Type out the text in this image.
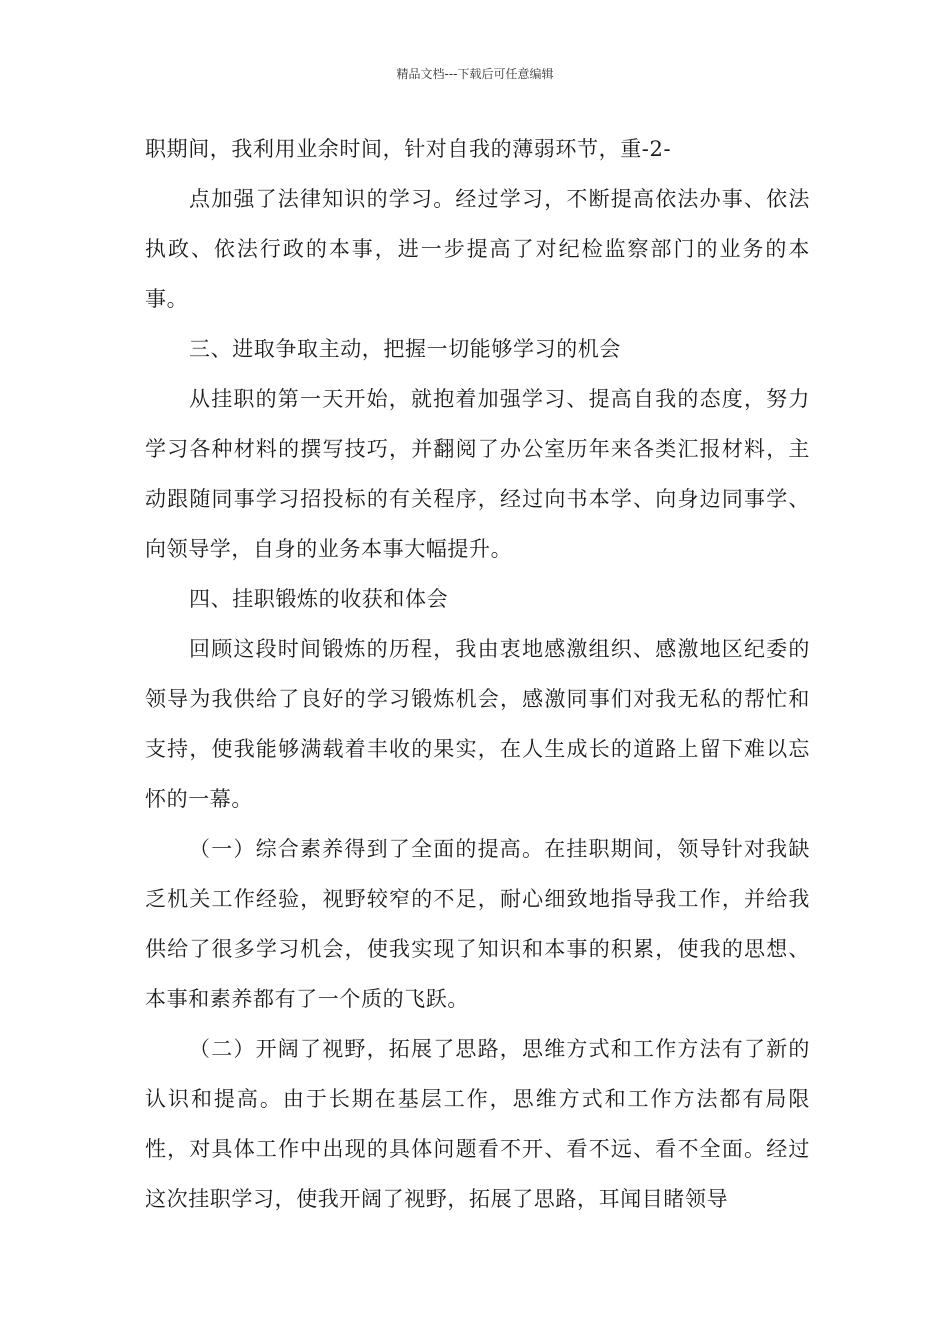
精品文档---下载后可任意编辑

职期间，我利用业余时间，针对自我的薄弱环节，重-2-

点加强了法律知识的学习。经过学习，不断提高依法办事、依法执政、依法行政的本事，进一步提高了对纪检监察部门的业务的本事。

三、进取争取主动，把握一切能够学习的机会

从挂职的第一天开始，就抱着加强学习、提高自我的态度，努力学习各种材料的撰写技巧，并翻阅了办公室历年来各类汇报材料，主动跟随同事学习招投标的有关程序，经过向书本学、向身边同事学、向领导学，自身的业务本事大幅提升。

四、挂职锻炼的收获和体会

回顾这段时间锻炼的历程，我由衷地感激组织、感激地区纪委的领导为我供给了良好的学习锻炼机会，感激同事们对我无私的帮忙和支持，使我能够满载着丰收的果实，在人生成长的道路上留下难以忘怀的一幕。

（一）综合素养得到了全面的提高。在挂职期间，领导针对我缺乏机关工作经验，视野较窄的不足，耐心细致地指导我工作，并给我供给了很多学习机会，使我实现了知识和本事的积累，使我的思想、本事和素养都有了一个质的飞跃。

（二）开阔了视野，拓展了思路，思维方式和工作方法有了新的认识和提高。由于长期在基层工作，思维方式和工作方法都有局限性，对具体工作中出现的具体问题看不开、看不远、看不全面。经过这次挂职学习，使我开阔了视野，拓展了思路，耳闻目睹领导
